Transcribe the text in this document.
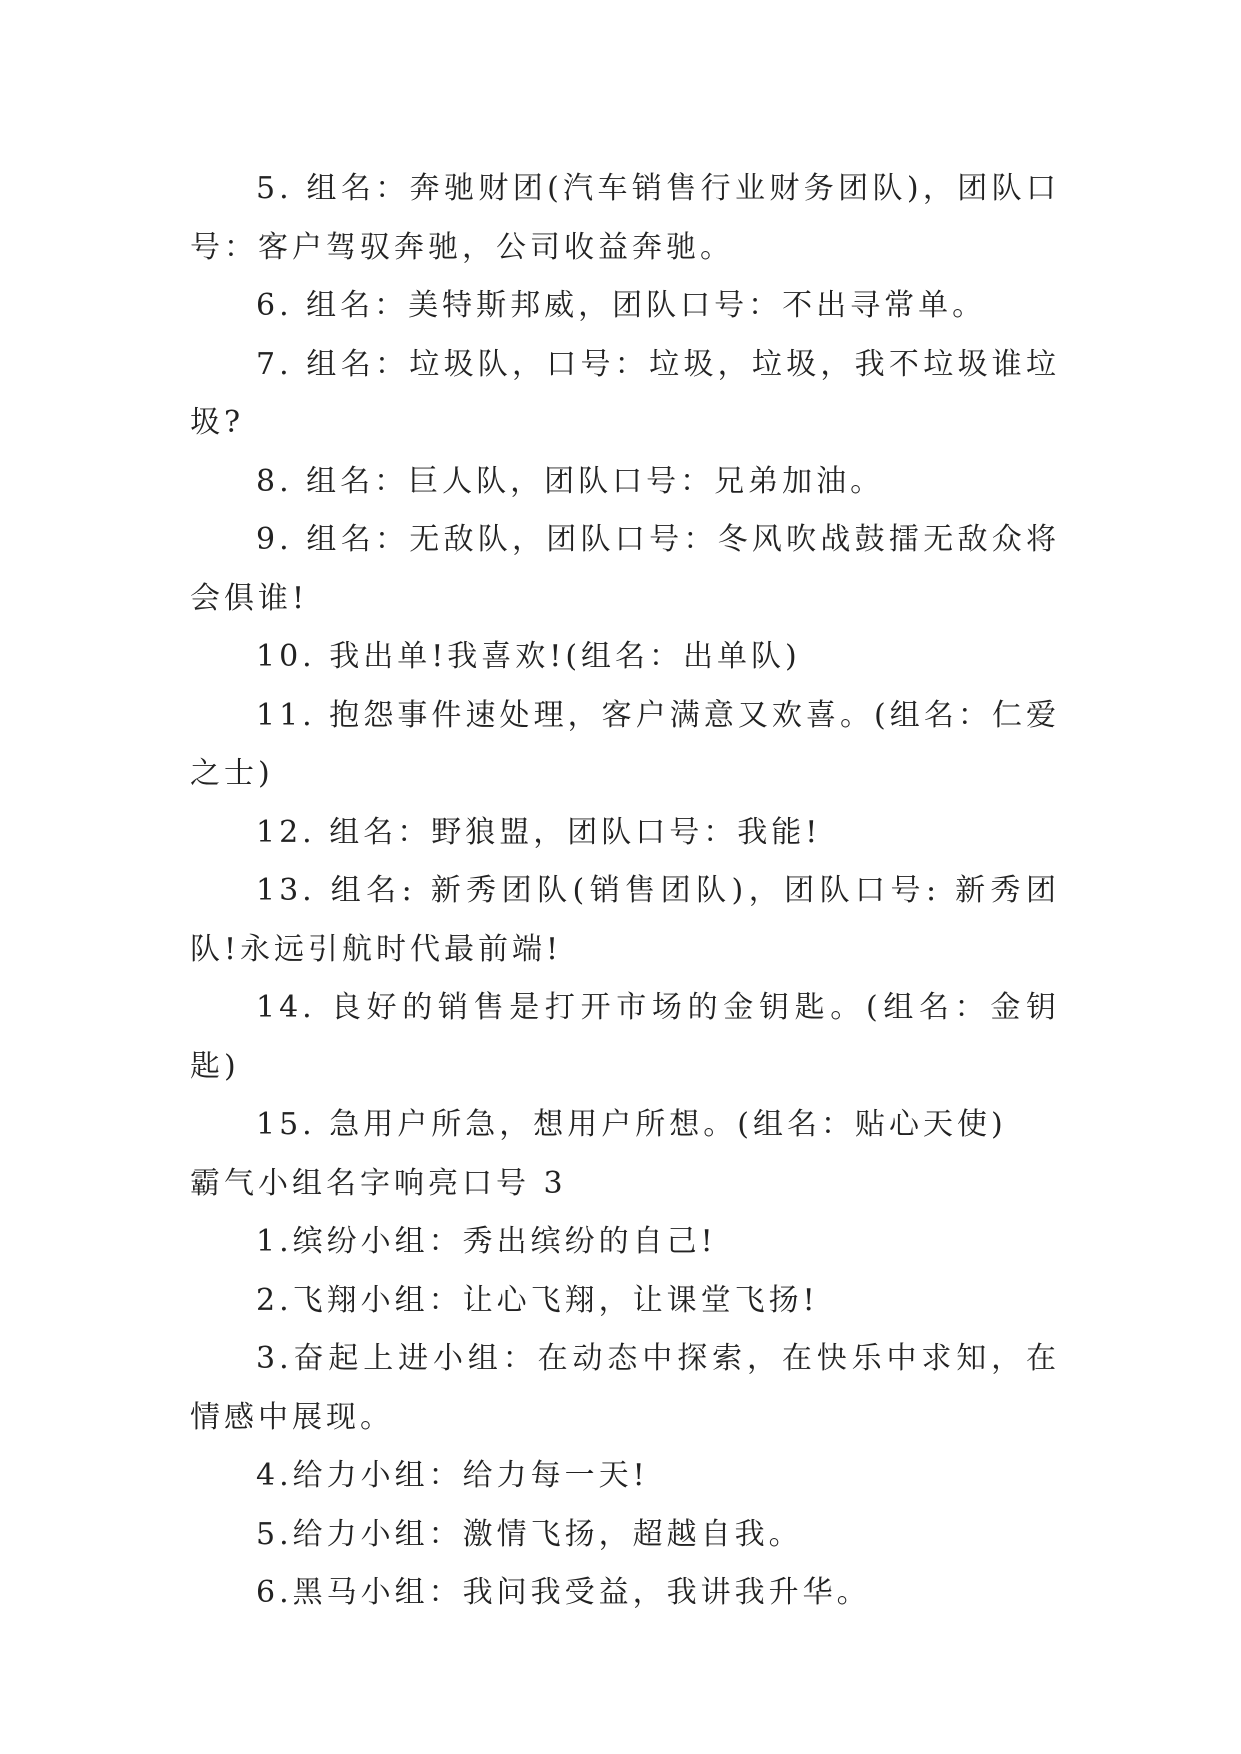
5. 组名：奔驰财团(汽车销售行业财务团队)，团队口号：客户驾驭奔驰，公司收益奔驰。

6. 组名：美特斯邦威，团队口号：不出寻常单。

7. 组名：垃圾队，口号：垃圾，垃圾，我不垃圾谁垃圾?

8. 组名：巨人队，团队口号：兄弟加油。

9. 组名：无敌队，团队口号：冬风吹战鼓擂无敌众将会俱谁!

10. 我出单!我喜欢!(组名：出单队)

11. 抱怨事件速处理，客户满意又欢喜。(组名：仁爱之士)

12. 组名：野狼盟，团队口号：我能!

13. 组名: 新秀团队(销售团队)，团队口号: 新秀团队!永远引航时代最前端!

14. 良好的销售是打开市场的金钥匙。(组名：金钥匙)

15. 急用户所急，想用户所想。(组名：贴心天使)

霸气小组名字响亮口号 3

1.缤纷小组：秀出缤纷的自己!

2.飞翔小组：让心飞翔，让课堂飞扬!

3.奋起上进小组：在动态中探索，在快乐中求知，在情感中展现。

4.给力小组：给力每一天!

5.给力小组：激情飞扬，超越自我。

6.黑马小组：我问我受益，我讲我升华。
